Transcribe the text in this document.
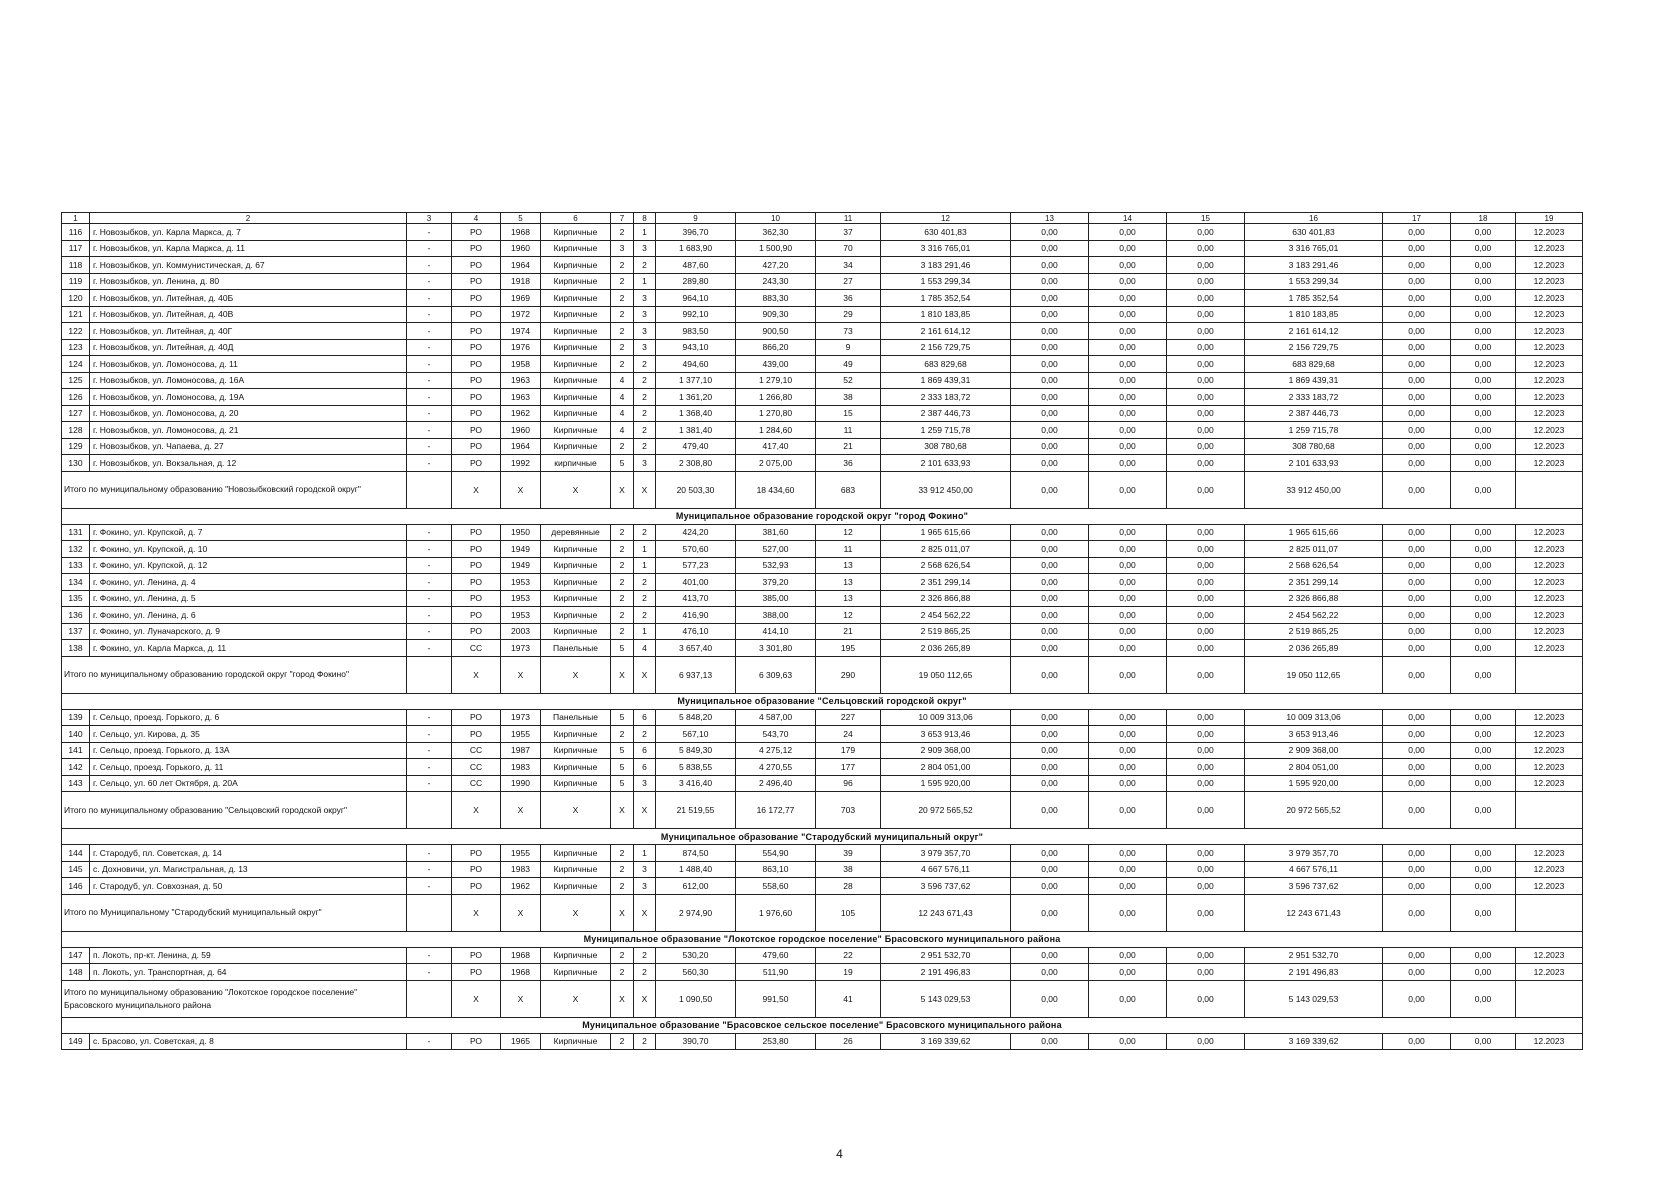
1	2	3	4	5	6	7	8	9	10	11	12	13	14	15	16	17	18	19
116	г. Новозыбков, ул. Карла Маркса, д. 7	-	РО	1968	Кирпичные	2	1	396,70	362,30	37	630 401,83	0,00	0,00	0,00	630 401,83	0,00	0,00	12.2023
117	г. Новозыбков, ул. Карла Маркса, д. 11	-	РО	1960	Кирпичные	3	3	1 683,90	1 500,90	70	3 316 765,01	0,00	0,00	0,00	3 316 765,01	0,00	0,00	12.2023
118	г. Новозыбков, ул. Коммунистическая, д. 67	-	РО	1964	Кирпичные	2	2	487,60	427,20	34	3 183 291,46	0,00	0,00	0,00	3 183 291,46	0,00	0,00	12.2023
119	г. Новозыбков, ул. Ленина, д. 80	-	РО	1918	Кирпичные	2	1	289,80	243,30	27	1 553 299,34	0,00	0,00	0,00	1 553 299,34	0,00	0,00	12.2023
120	г. Новозыбков, ул. Литейная, д. 40Б	-	РО	1969	Кирпичные	2	3	964,10	883,30	36	1 785 352,54	0,00	0,00	0,00	1 785 352,54	0,00	0,00	12.2023
121	г. Новозыбков, ул. Литейная, д. 40В	-	РО	1972	Кирпичные	2	3	992,10	909,30	29	1 810 183,85	0,00	0,00	0,00	1 810 183,85	0,00	0,00	12.2023
122	г. Новозыбков, ул. Литейная, д. 40Г	-	РО	1974	Кирпичные	2	3	983,50	900,50	73	2 161 614,12	0,00	0,00	0,00	2 161 614,12	0,00	0,00	12.2023
123	г. Новозыбков, ул. Литейная, д. 40Д	-	РО	1976	Кирпичные	2	3	943,10	866,20	9	2 156 729,75	0,00	0,00	0,00	2 156 729,75	0,00	0,00	12.2023
124	г. Новозыбков, ул. Ломоносова, д. 11	-	РО	1958	Кирпичные	2	2	494,60	439,00	49	683 829,68	0,00	0,00	0,00	683 829,68	0,00	0,00	12.2023
125	г. Новозыбков, ул. Ломоносова, д. 16А	-	РО	1963	Кирпичные	4	2	1 377,10	1 279,10	52	1 869 439,31	0,00	0,00	0,00	1 869 439,31	0,00	0,00	12.2023
126	г. Новозыбков, ул. Ломоносова, д. 19А	-	РО	1963	Кирпичные	4	2	1 361,20	1 266,80	38	2 333 183,72	0,00	0,00	0,00	2 333 183,72	0,00	0,00	12.2023
127	г. Новозыбков, ул. Ломоносова, д. 20	-	РО	1962	Кирпичные	4	2	1 368,40	1 270,80	15	2 387 446,73	0,00	0,00	0,00	2 387 446,73	0,00	0,00	12.2023
128	г. Новозыбков, ул. Ломоносова, д. 21	-	РО	1960	Кирпичные	4	2	1 381,40	1 284,60	11	1 259 715,78	0,00	0,00	0,00	1 259 715,78	0,00	0,00	12.2023
129	г. Новозыбков, ул. Чапаева, д. 27	-	РО	1964	Кирпичные	2	2	479,40	417,40	21	308 780,68	0,00	0,00	0,00	308 780,68	0,00	0,00	12.2023
130	г. Новозыбков, ул. Вокзальная, д. 12	-	РО	1992	кирпичные	5	3	2 308,80	2 075,00	36	2 101 633,93	0,00	0,00	0,00	2 101 633,93	0,00	0,00	12.2023
Итого по муниципальному образованию "Новозыбковский городской округ"			Х	Х	Х	Х	Х	20 503,30	18 434,60	683	33 912 450,00	0,00	0,00	0,00	33 912 450,00	0,00	0,00	
Муниципальное образование городской округ "город Фокино"																		
131	г. Фокино, ул. Крупской, д. 7	-	РО	1950	деревянные	2	2	424,20	381,60	12	1 965 615,66	0,00	0,00	0,00	1 965 615,66	0,00	0,00	12.2023
132	г. Фокино, ул. Крупской, д. 10	-	РО	1949	Кирпичные	2	1	570,60	527,00	11	2 825 011,07	0,00	0,00	0,00	2 825 011,07	0,00	0,00	12.2023
133	г. Фокино, ул. Крупской, д. 12	-	РО	1949	Кирпичные	2	1	577,23	532,93	13	2 568 626,54	0,00	0,00	0,00	2 568 626,54	0,00	0,00	12.2023
134	г. Фокино, ул. Ленина, д. 4	-	РО	1953	Кирпичные	2	2	401,00	379,20	13	2 351 299,14	0,00	0,00	0,00	2 351 299,14	0,00	0,00	12.2023
135	г. Фокино, ул. Ленина, д. 5	-	РО	1953	Кирпичные	2	2	413,70	385,00	13	2 326 866,88	0,00	0,00	0,00	2 326 866,88	0,00	0,00	12.2023
136	г. Фокино, ул. Ленина, д. 6	-	РО	1953	Кирпичные	2	2	416,90	388,00	12	2 454 562,22	0,00	0,00	0,00	2 454 562,22	0,00	0,00	12.2023
137	г. Фокино, ул. Луначарского, д. 9	-	РО	2003	Кирпичные	2	1	476,10	414,10	21	2 519 865,25	0,00	0,00	0,00	2 519 865,25	0,00	0,00	12.2023
138	г. Фокино, ул. Карла Маркса, д. 11	-	СС	1973	Панельные	5	4	3 657,40	3 301,80	195	2 036 265,89	0,00	0,00	0,00	2 036 265,89	0,00	0,00	12.2023
Итого по муниципальному образованию городской округ "город Фокино"			Х	Х	Х	Х	Х	6 937,13	6 309,63	290	19 050 112,65	0,00	0,00	0,00	19 050 112,65	0,00	0,00	
Муниципальное образование "Сельцовский городской округ"																		
139	г. Сельцо, проезд. Горького, д. 6	-	РО	1973	Панельные	5	6	5 848,20	4 587,00	227	10 009 313,06	0,00	0,00	0,00	10 009 313,06	0,00	0,00	12.2023
140	г. Сельцо, ул. Кирова, д. 35	-	РО	1955	Кирпичные	2	2	567,10	543,70	24	3 653 913,46	0,00	0,00	0,00	3 653 913,46	0,00	0,00	12.2023
141	г. Сельцо, проезд. Горького, д. 13А	-	СС	1987	Кирпичные	5	6	5 849,30	4 275,12	179	2 909 368,00	0,00	0,00	0,00	2 909 368,00	0,00	0,00	12.2023
142	г. Сельцо, проезд. Горького, д. 11	-	СС	1983	Кирпичные	5	6	5 838,55	4 270,55	177	2 804 051,00	0,00	0,00	0,00	2 804 051,00	0,00	0,00	12.2023
143	г. Сельцо, ул. 60 лет Октября, д. 20А	-	СС	1990	Кирпичные	5	3	3 416,40	2 496,40	96	1 595 920,00	0,00	0,00	0,00	1 595 920,00	0,00	0,00	12.2023
Итого по муниципальному образованию "Сельцовский городской округ"			Х	Х	Х	Х	Х	21 519,55	16 172,77	703	20 972 565,52	0,00	0,00	0,00	20 972 565,52	0,00	0,00	
Муниципальное образование "Стародубский муниципальный округ"																		
144	г. Стародуб, пл. Советская, д. 14	-	РО	1955	Кирпичные	2	1	874,50	554,90	39	3 979 357,70	0,00	0,00	0,00	3 979 357,70	0,00	0,00	12.2023
145	с. Дохновичи, ул. Магистральная, д. 13	-	РО	1983	Кирпичные	2	3	1 488,40	863,10	38	4 667 576,11	0,00	0,00	0,00	4 667 576,11	0,00	0,00	12.2023
146	г. Стародуб, ул. Совхозная, д. 50	-	РО	1962	Кирпичные	2	3	612,00	558,60	28	3 596 737,62	0,00	0,00	0,00	3 596 737,62	0,00	0,00	12.2023
Итого по Муниципальному "Стародубский муниципальный округ"			Х	Х	Х	Х	Х	2 974,90	1 976,60	105	12 243 671,43	0,00	0,00	0,00	12 243 671,43	0,00	0,00	
Муниципальное образование "Локотское городское поселение" Брасовского муниципального района																		
147	п. Локоть, пр-кт. Ленина, д. 59	-	РО	1968	Кирпичные	2	2	530,20	479,60	22	2 951 532,70	0,00	0,00	0,00	2 951 532,70	0,00	0,00	12.2023
148	п. Локоть, ул. Транспортная, д. 64	-	РО	1968	Кирпичные	2	2	560,30	511,90	19	2 191 496,83	0,00	0,00	0,00	2 191 496,83	0,00	0,00	12.2023
Итого по муниципальному образованию "Локотское городское поселение" Брасовского муниципального района			Х	Х	Х	Х	Х	1 090,50	991,50	41	5 143 029,53	0,00	0,00	0,00	5 143 029,53	0,00	0,00	
Муниципальное образование "Брасовское сельское поселение" Брасовского муниципального района																		
149	с. Брасово, ул. Советская, д. 8	-	РО	1965	Кирпичные	2	2	390,70	253,80	26	3 169 339,62	0,00	0,00	0,00	3 169 339,62	0,00	0,00	12.2023
4
